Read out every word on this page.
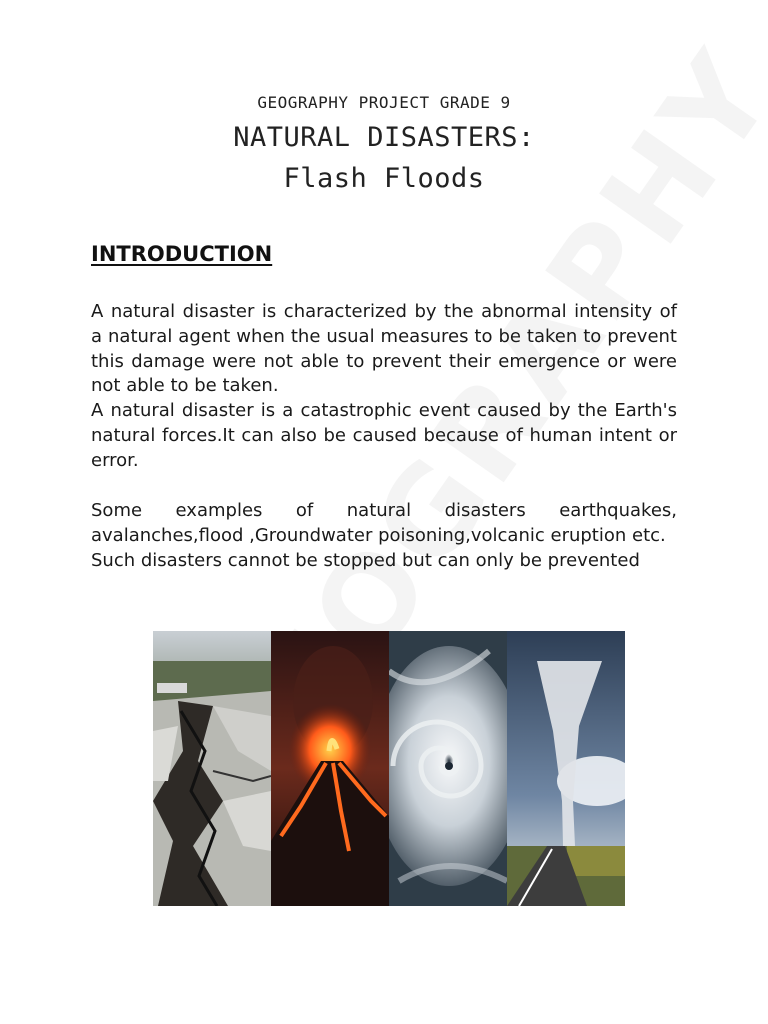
GEOGRAPHY PROJECT GRADE 9
NATURAL DISASTERS:
Flash Floods
INTRODUCTION

A natural disaster is characterized by the abnormal intensity of a natural agent when the usual measures to be taken to prevent this damage were not able to prevent their emergence or were not able to be taken.

A natural disaster is a catastrophic event caused by the Earth's natural forces.It can also be caused because of human intent or error.

Some examples of natural disasters earthquakes, avalanches,flood ,Groundwater poisoning,volcanic eruption etc.

Such disasters cannot be stopped but can only be prevented
